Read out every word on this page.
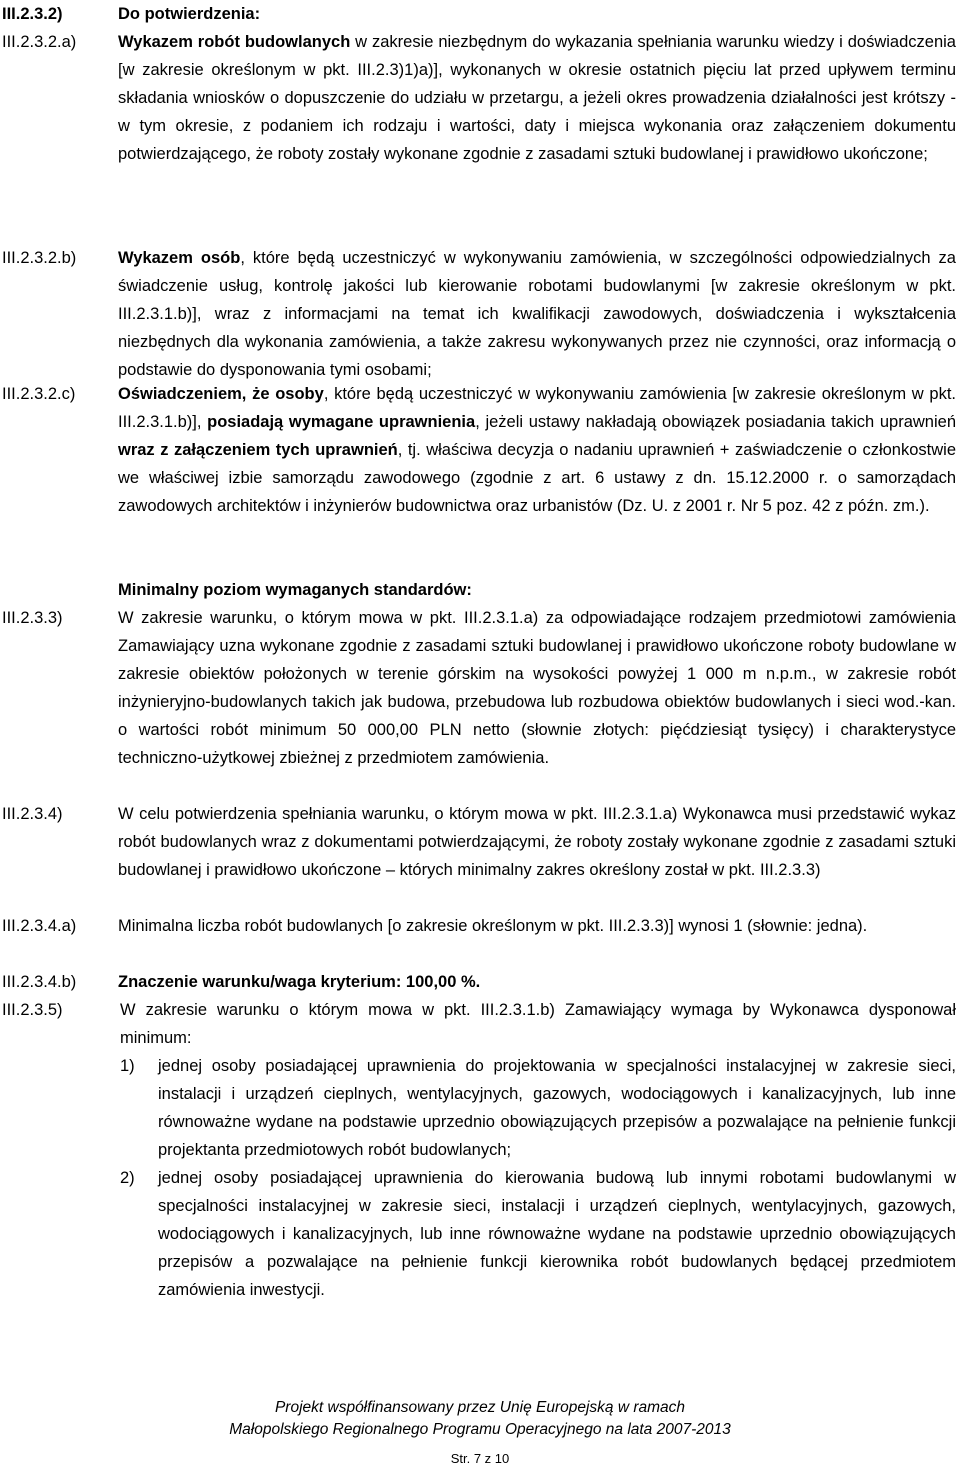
III.2.3.2)	Do potwierdzenia:
III.2.3.2.a)	Wykazem robót budowlanych w zakresie niezbędnym do wykazania spełniania warunku wiedzy i doświadczenia [w zakresie określonym w pkt. III.2.3)1)a)], wykonanych w okresie ostatnich pięciu lat przed upływem terminu składania wniosków o dopuszczenie do udziału w przetargu, a jeżeli okres prowadzenia działalności jest krótszy - w tym okresie, z podaniem ich rodzaju i wartości, daty i miejsca wykonania oraz załączeniem dokumentu potwierdzającego, że roboty zostały wykonane zgodnie z zasadami sztuki budowlanej i prawidłowo ukończone;

III.2.3.2.b)	Wykazem osób, które będą uczestniczyć w wykonywaniu zamówienia, w szczególności odpowiedzialnych za świadczenie usług, kontrolę jakości lub kierowanie robotami budowlanymi [w zakresie określonym w pkt. III.2.3.1.b)], wraz z informacjami na temat ich kwalifikacji zawodowych, doświadczenia i wykształcenia niezbędnych dla wykonania zamówienia, a także zakresu wykonywanych przez nie czynności, oraz informacją o podstawie do dysponowania tymi osobami;

III.2.3.2.c)	Oświadczeniem, że osoby, które będą uczestniczyć w wykonywaniu zamówienia [w zakresie określonym w pkt. III.2.3.1.b)], posiadają wymagane uprawnienia, jeżeli ustawy nakładają obowiązek posiadania takich uprawnień wraz z załączeniem tych uprawnień, tj. właściwa decyzja o nadaniu uprawnień + zaświadczenie o członkostwie we właściwej izbie samorządu zawodowego (zgodnie z art. 6 ustawy z dn. 15.12.2000 r. o samorządach zawodowych architektów i inżynierów budownictwa oraz urbanistów (Dz. U. z 2001 r. Nr 5 poz. 42 z późn. zm.).

Minimalny poziom wymaganych standardów:
III.2.3.3)	W zakresie warunku, o którym mowa w pkt. III.2.3.1.a) za odpowiadające rodzajem przedmiotowi zamówienia Zamawiający uzna wykonane zgodnie z zasadami sztuki budowlanej i prawidłowo ukończone roboty budowlane w zakresie obiektów położonych w terenie górskim na wysokości powyżej 1 000 m n.p.m., w zakresie robót inżynieryjno-budowlanych takich jak budowa, przebudowa lub rozbudowa obiektów budowlanych i sieci wod.-kan. o wartości robót minimum 50 000,00 PLN netto (słownie złotych: pięćdziesiąt tysięcy) i charakterystyce techniczno-użytkowej zbieżnej z przedmiotem zamówienia.
III.2.3.4)	W celu potwierdzenia spełniania warunku, o którym mowa w pkt. III.2.3.1.a) Wykonawca musi przedstawić wykaz robót budowlanych wraz z dokumentami potwierdzającymi, że roboty zostały wykonane zgodnie z zasadami sztuki budowlanej i prawidłowo ukończone – których minimalny zakres określony został w pkt. III.2.3.3)
III.2.3.4.a)	Minimalna liczba robót budowlanych [o zakresie określonym w pkt. III.2.3.3)] wynosi 1 (słownie: jedna).
III.2.3.4.b)	Znaczenie warunku/waga kryterium: 100,00 %.
III.2.3.5)	W zakresie warunku o którym mowa w pkt. III.2.3.1.b) Zamawiający wymaga by Wykonawca dysponował minimum:

1) jednej osoby posiadającej uprawnienia do projektowania w specjalności instalacyjnej w zakresie sieci, instalacji i urządzeń cieplnych, wentylacyjnych, gazowych, wodociągowych i kanalizacyjnych, lub inne równoważne wydane na podstawie uprzednio obowiązujących przepisów a pozwalające na pełnienie funkcji projektanta przedmiotowych robót budowlanych;
2) jednej osoby posiadającej uprawnienia do kierowania budową lub innymi robotami budowlanymi w specjalności instalacyjnej w zakresie sieci, instalacji i urządzeń cieplnych, wentylacyjnych, gazowych, wodociągowych i kanalizacyjnych, lub inne równoważne wydane na podstawie uprzednio obowiązujących przepisów a pozwalające na pełnienie funkcji kierownika robót budowlanych będącej przedmiotem zamówienia inwestycji.
Projekt współfinansowany przez Unię Europejską w ramach
Małopolskiego Regionalnego Programu Operacyjnego na lata 2007-2013
Str. 7 z 10
